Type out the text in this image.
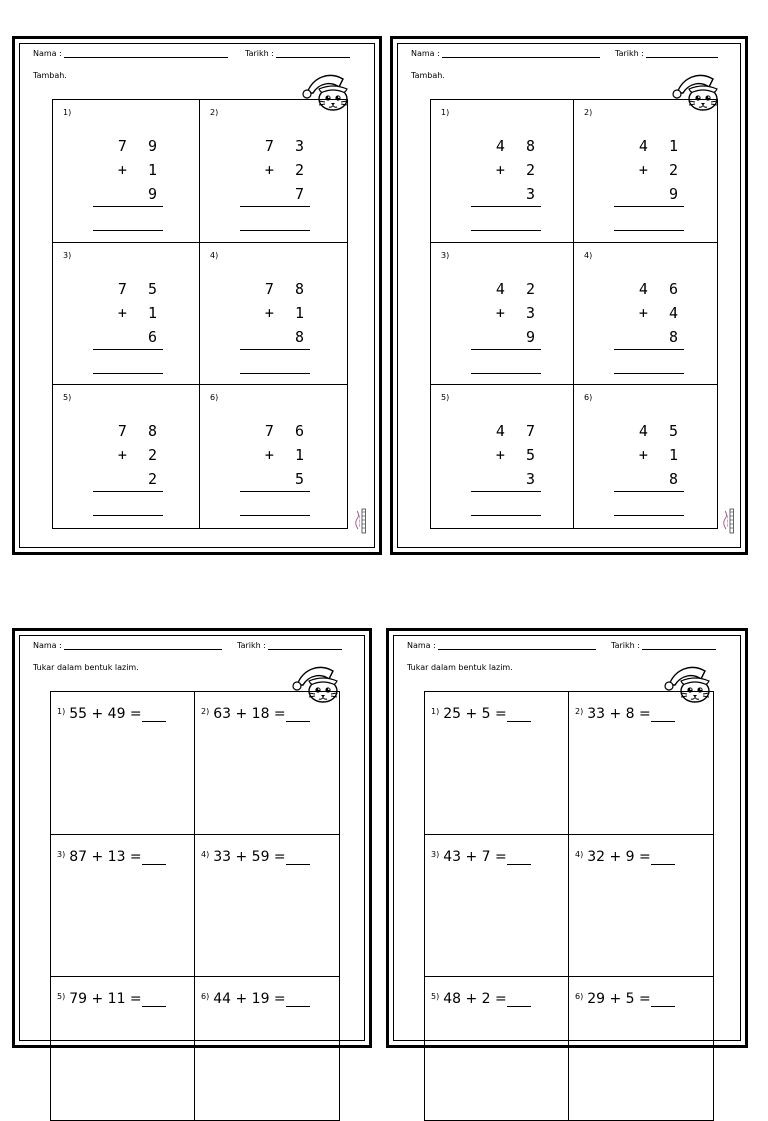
Nama :	Tarikh :
Tambah.
1)
7 9
+ 1 9
2)
7 3
+ 2 7
3)
7 5
+ 1 6
4)
7 8
+ 1 8
5)
7 8
+ 2 2
6)
7 6
+ 1 5
Nama :	Tarikh :
Tambah.
1)
4 8
+ 2 3
2)
4 1
+ 2 9
3)
4 2
+ 3 9
4)
4 6
+ 4 8
5)
4 7
+ 5 3
6)
4 5
+ 1 8
Nama :	Tarikh :
Tukar dalam bentuk lazim.
$^{1)}$ 55 + 49 =	$^{2)}$ 63 + 18 =
$^{3)}$ 87 + 13 =	$^{4)}$ 33 + 59 =
$^{5)}$ 79 + 11 =	$^{6)}$ 44 + 19 =
Nama :	Tarikh :
Tukar dalam bentuk lazim.
$^{1)}$ 25 + 5 =	$^{2)}$ 33 + 8 =
$^{3)}$ 43 + 7 =	$^{4)}$ 32 + 9 =
$^{5)}$ 48 + 2 =	$^{6)}$ 29 + 5 =
